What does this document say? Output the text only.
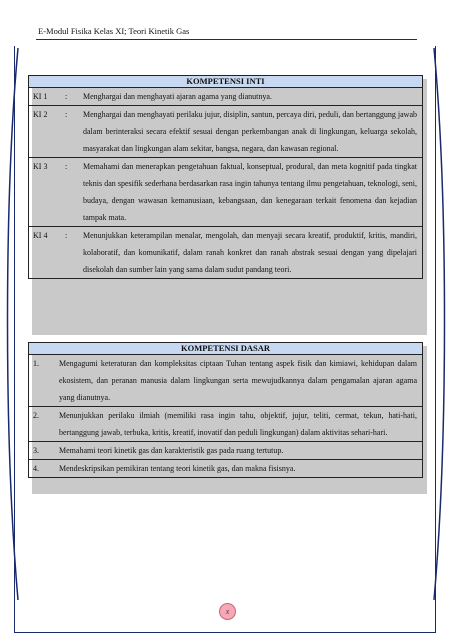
E-Modul Fisika Kelas XI; Teori Kinetik Gas
KOMPETENSI INTI
KI 1	:	Menghargai dan menghayati ajaran agama yang dianutnya.
KI 2	:	Menghargai dan menghayati perilaku jujur, disiplin, santun, percaya diri, peduli, dan bertanggung jawab dalam berinteraksi secara efektif sesuai dengan perkembangan anak di lingkungan, keluarga sekolah, masyarakat dan lingkungan alam sekitar, bangsa, negara, dan kawasan regional.
KI 3	:	Memahami dan menerapkan pengetahuan faktual, konseptual, produral, dan meta kognitif pada tingkat teknis dan spesifik sederhana berdasarkan rasa ingin tahunya tentang ilmu pengetahuan, teknologi, seni, budaya, dengan wawasan kemanusiaan, kebangsaan, dan kenegaraan terkait fenomena dan kejadian tampak mata.
KI 4	:	Menunjukkan keterampilan menalar, mengolah, dan menyaji secara kreatif, produktif, kritis, mandiri, kolaboratif, dan komunikatif, dalam ranah konkret dan ranah abstrak sesuai dengan yang dipelajari disekolah dan sumber lain yang sama dalam sudut pandang teori.
KOMPETENSI DASAR
1.	Mengagumi keteraturan dan kompleksitas ciptaan Tuhan tentang aspek fisik dan kimiawi, kehidupan dalam ekosistem, dan peranan manusia dalam lingkungan serta mewujudkannya dalam pengamalan ajaran agama yang dianutnya.
2.	Menunjukkan perilaku ilmiah (memiliki rasa ingin tahu, objektif, jujur, teliti, cermat, tekun, hati-hati, bertanggung jawab, terbuka, kritis, kreatif, inovatif dan peduli lingkungan) dalam aktivitas sehari-hari.
3.	Memahami teori kinetik gas dan karakteristik gas pada ruang tertutup.
4.	Mendeskripsikan pemikiran tentang teori kinetik gas, dan makna fisisnya.
x
